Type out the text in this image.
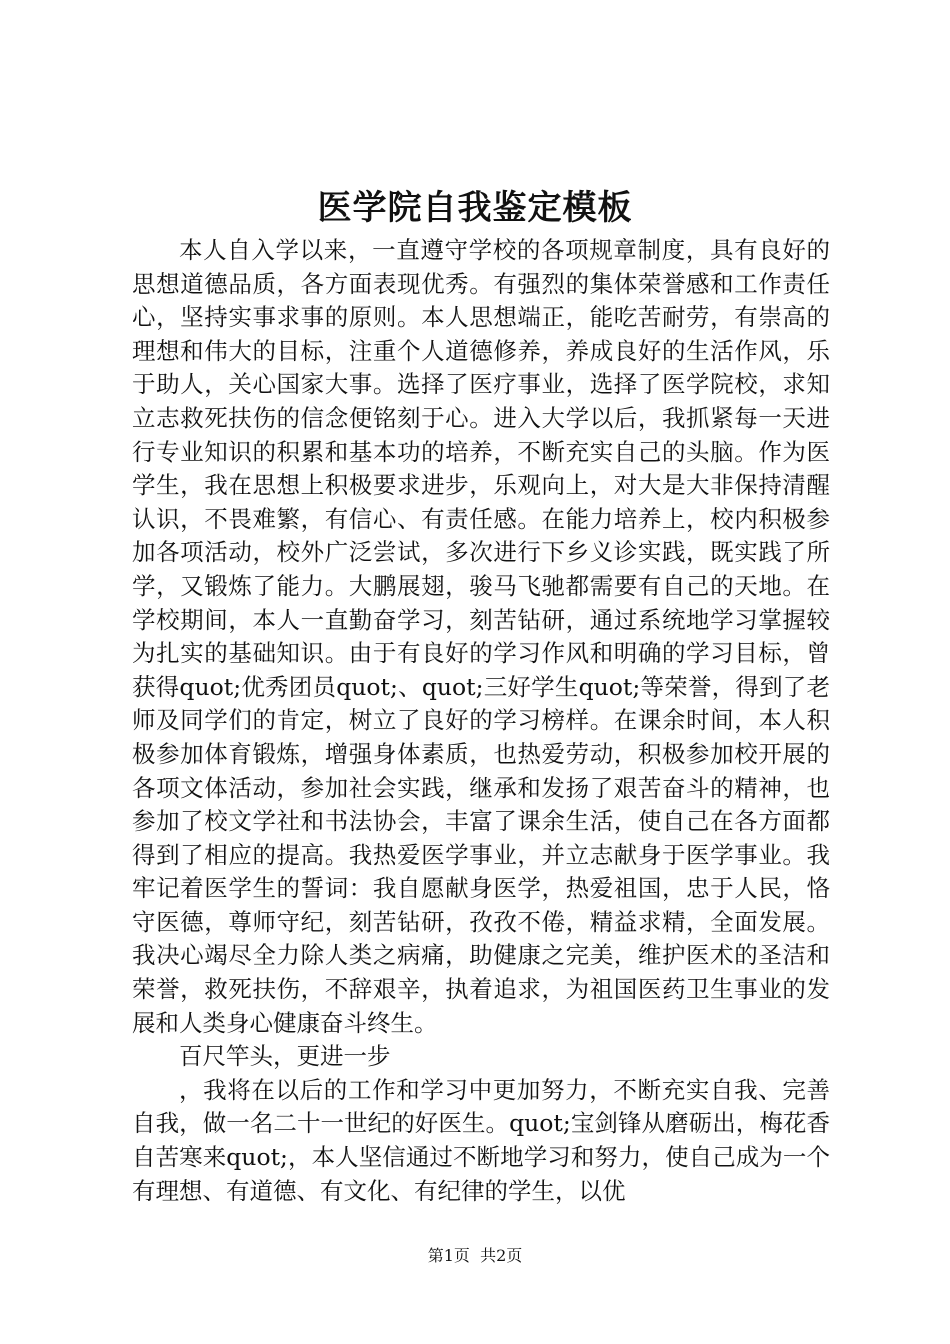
医学院自我鉴定模板

本人自入学以来，一直遵守学校的各项规章制度，具有良好的思想道德品质，各方面表现优秀。有强烈的集体荣誉感和工作责任心，坚持实事求事的原则。本人思想端正，能吃苦耐劳，有崇高的理想和伟大的目标，注重个人道德修养，养成良好的生活作风，乐于助人，关心国家大事。选择了医疗事业，选择了医学院校，求知立志救死扶伤的信念便铭刻于心。进入大学以后，我抓紧每一天进行专业知识的积累和基本功的培养，不断充实自己的头脑。作为医学生，我在思想上积极要求进步，乐观向上，对大是大非保持清醒认识，不畏难繁，有信心、有责任感。在能力培养上，校内积极参加各项活动，校外广泛尝试，多次进行下乡义诊实践，既实践了所学，又锻炼了能力。大鹏展翅，骏马飞驰都需要有自己的天地。在学校期间，本人一直勤奋学习，刻苦钻研，通过系统地学习掌握较为扎实的基础知识。由于有良好的学习作风和明确的学习目标，曾获得quot;优秀团员quot;、quot;三好学生quot;等荣誉，得到了老师及同学们的肯定，树立了良好的学习榜样。在课余时间，本人积极参加体育锻炼，增强身体素质，也热爱劳动，积极参加校开展的各项文体活动，参加社会实践，继承和发扬了艰苦奋斗的精神，也参加了校文学社和书法协会，丰富了课余生活，使自己在各方面都得到了相应的提高。我热爱医学事业，并立志献身于医学事业。我牢记着医学生的誓词：我自愿献身医学，热爱祖国，忠于人民，恪守医德，尊师守纪，刻苦钻研，孜孜不倦，精益求精，全面发展。我决心竭尽全力除人类之病痛，助健康之完美，维护医术的圣洁和荣誉，救死扶伤，不辞艰辛，执着追求，为祖国医药卫生事业的发展和人类身心健康奋斗终生。

百尺竿头，更进一步

，我将在以后的工作和学习中更加努力，不断充实自我、完善自我，做一名二十一世纪的好医生。quot;宝剑锋从磨砺出，梅花香自苦寒来quot;，本人坚信通过不断地学习和努力，使自己成为一个有理想、有道德、有文化、有纪律的学生，以优

第1页 共2页
